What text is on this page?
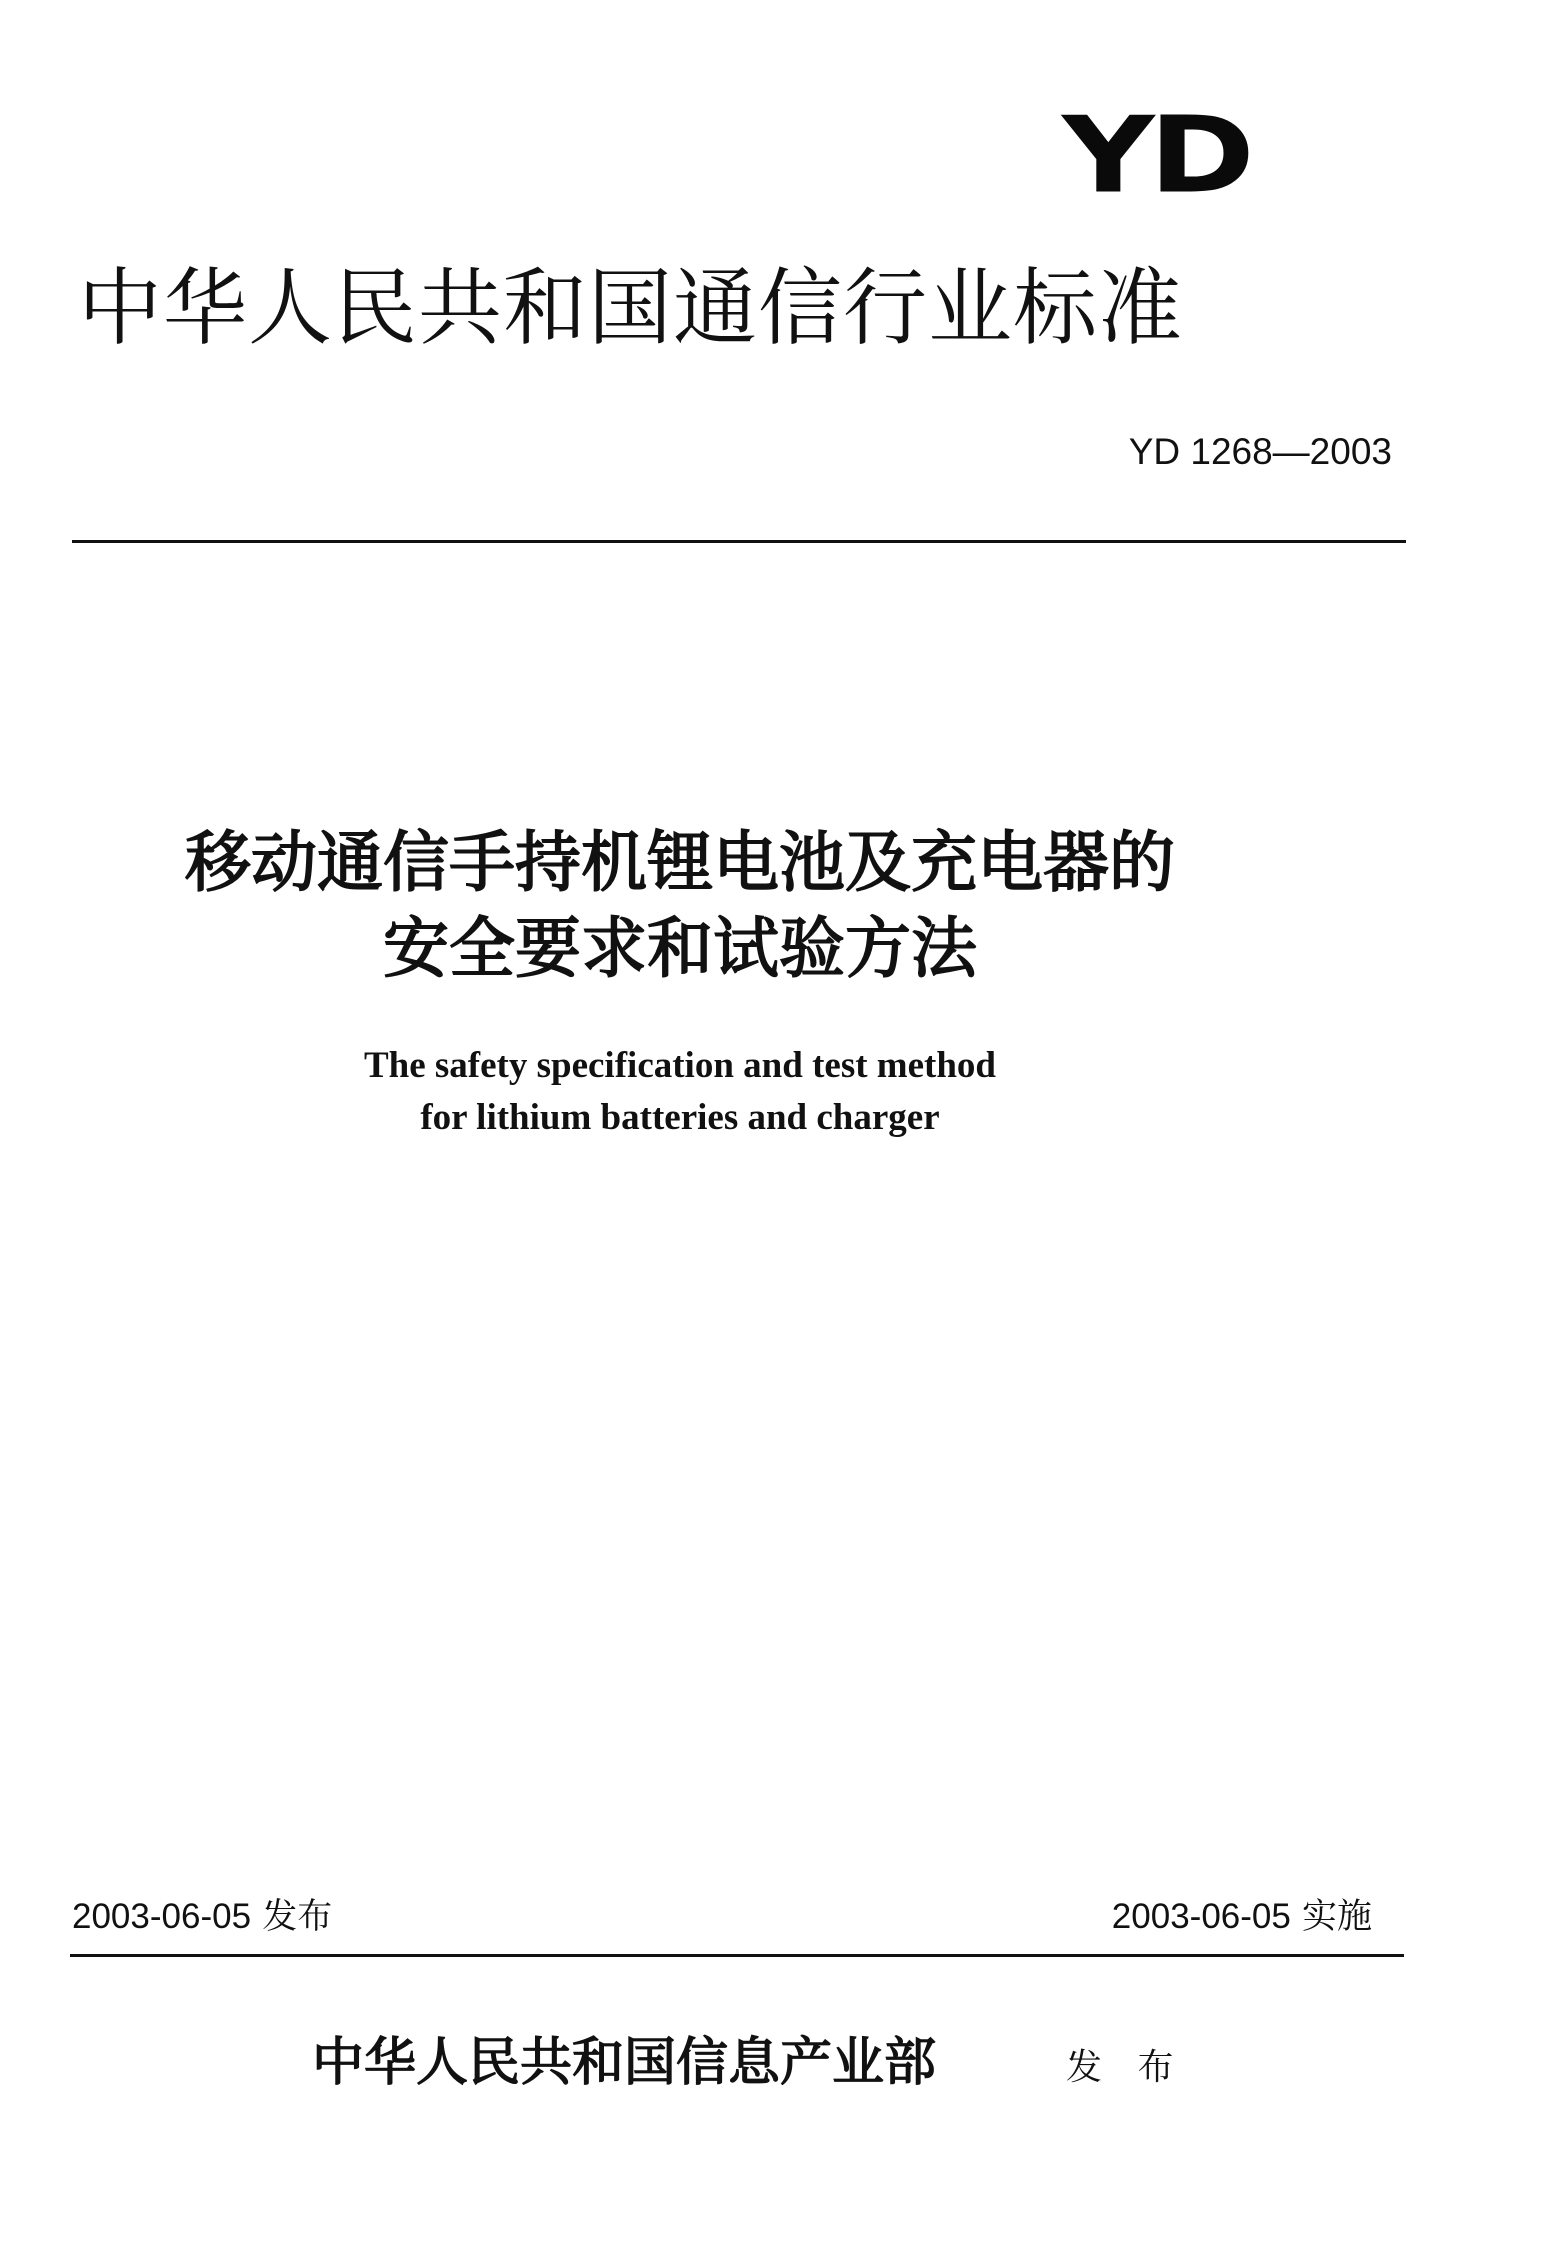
YD
中华人民共和国通信行业标准
YD 1268—2003
移动通信手持机锂电池及充电器的
安全要求和试验方法
The safety specification and test method
for lithium batteries and charger
2003-06-05 发布	2003-06-05 实施
中华人民共和国信息产业部	发 布
